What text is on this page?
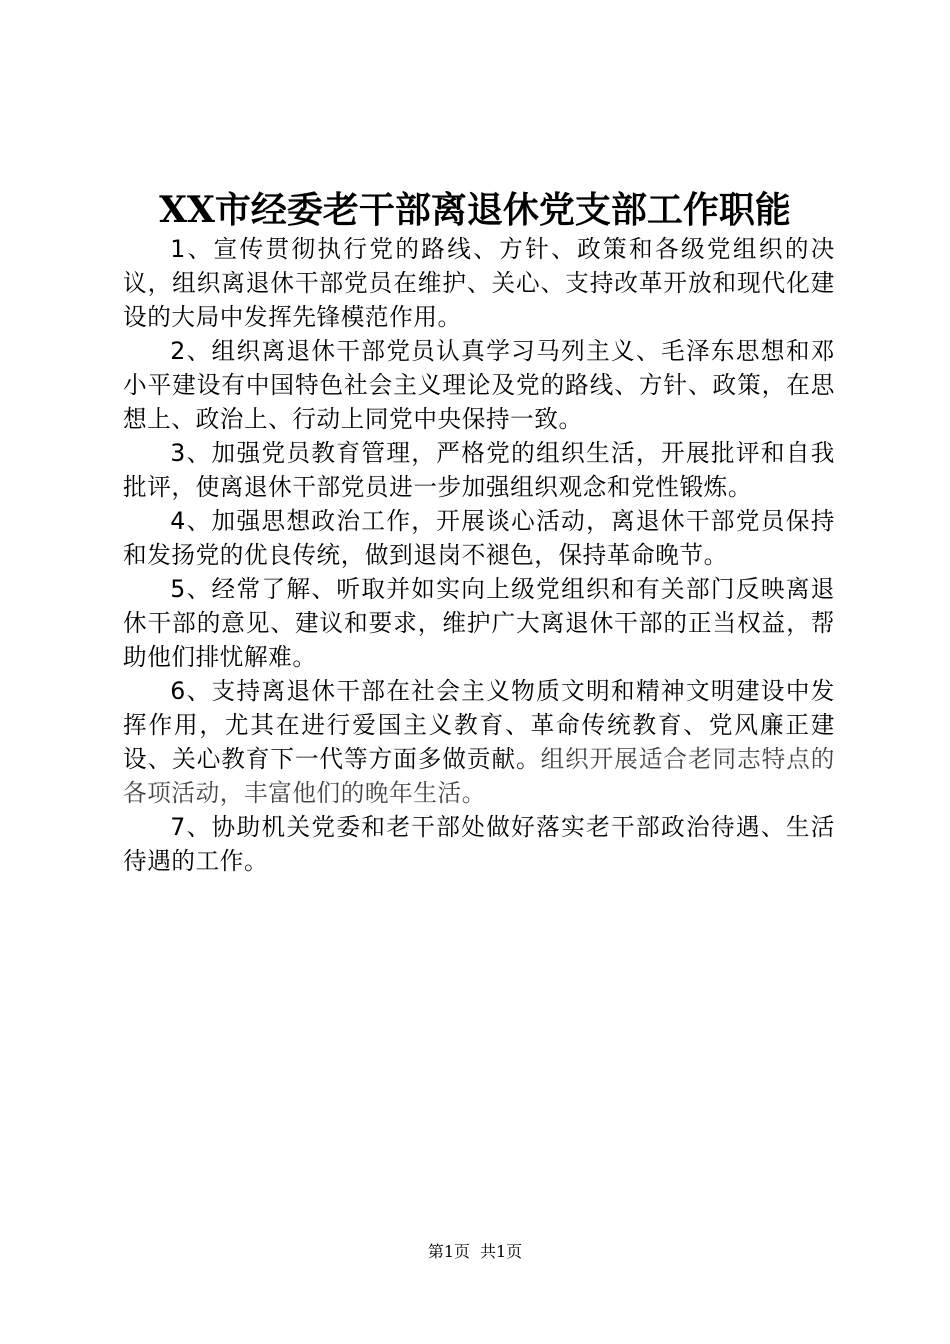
XX市经委老干部离退休党支部工作职能

1、宣传贯彻执行党的路线、方针、政策和各级党组织的决议，组织离退休干部党员在维护、关心、支持改革开放和现代化建设的大局中发挥先锋模范作用。

2、组织离退休干部党员认真学习马列主义、毛泽东思想和邓小平建设有中国特色社会主义理论及党的路线、方针、政策，在思想上、政治上、行动上同党中央保持一致。

3、加强党员教育管理，严格党的组织生活，开展批评和自我批评，使离退休干部党员进一步加强组织观念和党性锻炼。

4、加强思想政治工作，开展谈心活动，离退休干部党员保持和发扬党的优良传统，做到退岗不褪色，保持革命晚节。

5、经常了解、听取并如实向上级党组织和有关部门反映离退休干部的意见、建议和要求，维护广大离退休干部的正当权益，帮助他们排忧解难。

6、支持离退休干部在社会主义物质文明和精神文明建设中发挥作用，尤其在进行爱国主义教育、革命传统教育、党风廉正建设、关心教育下一代等方面多做贡献。组织开展适合老同志特点的各项活动，丰富他们的晚年生活。

7、协助机关党委和老干部处做好落实老干部政治待遇、生活待遇的工作。

第1页 共1页
